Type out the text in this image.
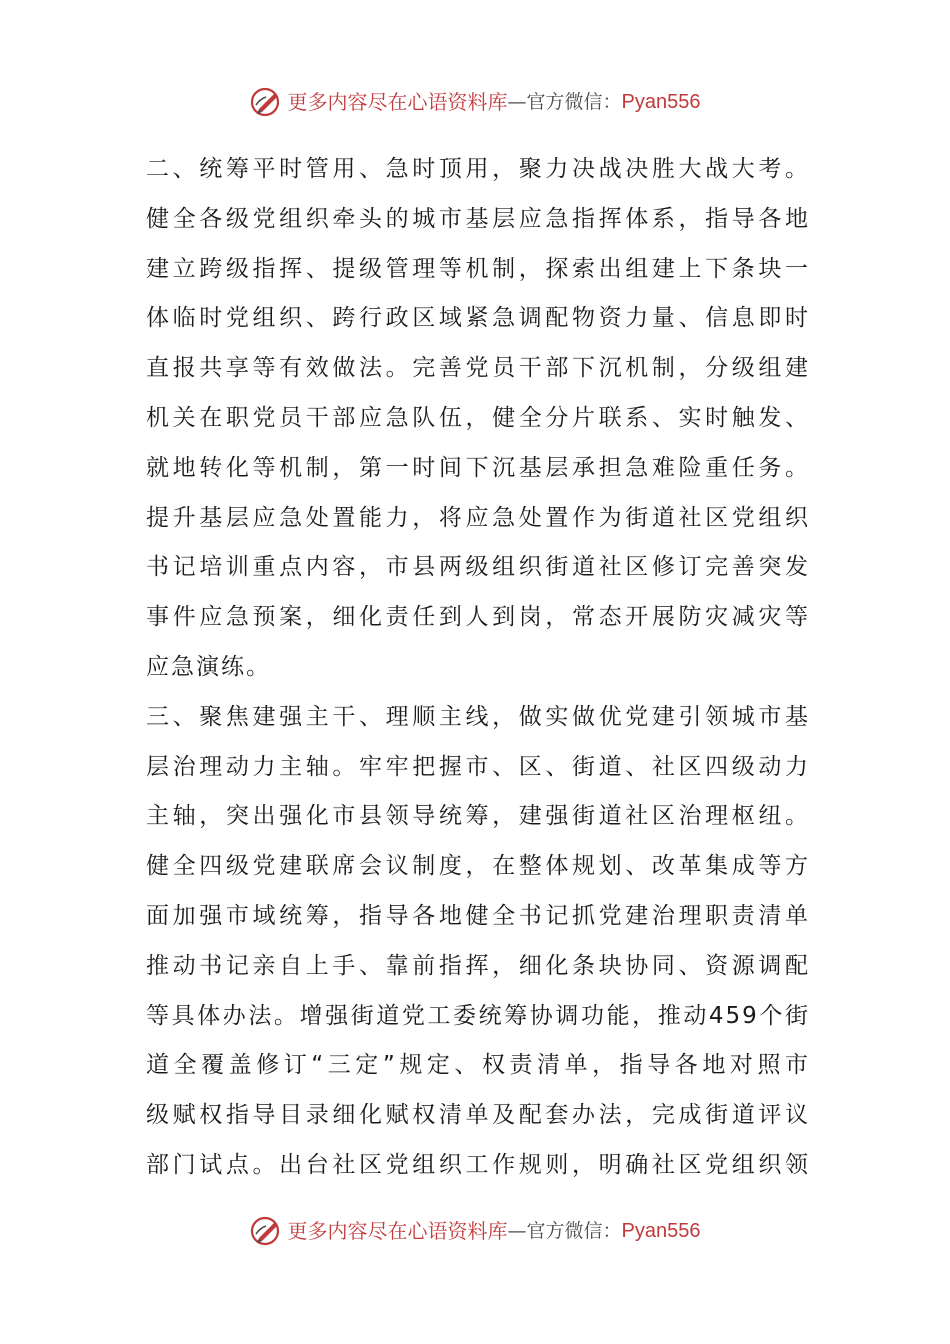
更多内容尽在心语资料库 — 官方微信： Pyan556
二、统筹平时管用、急时顶用，聚力决战决胜大战大考。
健全各级党组织牵头的城市基层应急指挥体系，指导各地
建立跨级指挥、提级管理等机制，探索出组建上下条块一
体临时党组织、跨行政区域紧急调配物资力量、信息即时
直报共享等有效做法。完善党员干部下沉机制，分级组建
机关在职党员干部应急队伍，健全分片联系、实时触发、
就地转化等机制，第一时间下沉基层承担急难险重任务。
提升基层应急处置能力，将应急处置作为街道社区党组织
书记培训重点内容，市县两级组织街道社区修订完善突发
事件应急预案，细化责任到人到岗，常态开展防灾减灾等
应急演练。
三、聚焦建强主干、理顺主线，做实做优党建引领城市基
层治理动力主轴。牢牢把握市、区、街道、社区四级动力
主轴，突出强化市县领导统筹，建强街道社区治理枢纽。
健全四级党建联席会议制度，在整体规划、改革集成等方
面加强市域统筹，指导各地健全书记抓党建治理职责清单
推动书记亲自上手、靠前指挥，细化条块协同、资源调配
等具体办法。增强街道党工委统筹协调功能，推动459个街
道全覆盖修订“三定”规定、权责清单，指导各地对照市
级赋权指导目录细化赋权清单及配套办法，完成街道评议
部门试点。出台社区党组织工作规则，明确社区党组织领
更多内容尽在心语资料库 — 官方微信： Pyan556
